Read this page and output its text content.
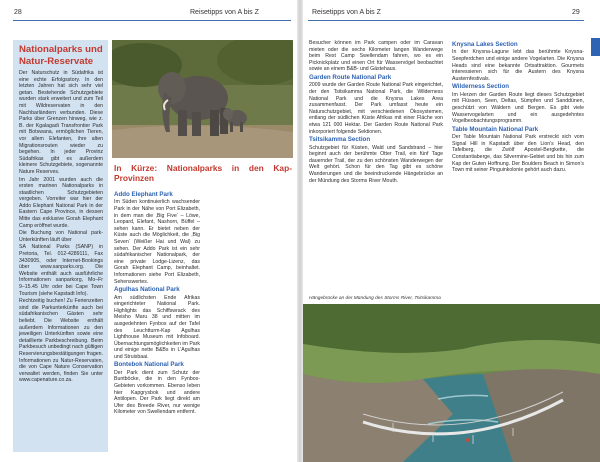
28	Reisetipps von A bis Z
Nationalparks und Natur-Reservate

Der Naturschutz in Südafrika ist eine echte Erfolgsstory. In den letzten Jahren hat sich sehr viel getan. Bestehende Schutzgebiete wurden stark erweitert und zum Teil mit Wildreservaten in den Nachbarländern verbunden. Diese Parks über Grenzen hinweg, wie z. B. der Kgalagadi Transfrontier Park mit Botswana, ermöglichen Tieren, vor allem Elefanten, ihre alten Migrationsrouten wieder zu begehen. In jeder Provinz Südafrikas gibt es außerdem kleinere Schutzgebiete, sogenannte Nature Reserves.

Im Jahr 2001 wurden auch die ersten marinen Nationalparks in staatlichen Schutzgebieten vergeben. Vorreiter war hier der Addo Elephant National Park in der Eastern Cape Province, in dessen Mitte das exklusive Gorah Elephant Camp eröffnet wurde.

Die Buchung von National park-Unterkünften läuft über

SA National Parks (SANP) in Pretoria, Tel. 012-4289111, Fax 3430905, oder Internet-Bookings über www.sanparks.org. Die Website enthält auch ausführliche Informationen sanparkorg, Mo–Fr 9–15.45 Uhr oder bei Cape Town Tourism (siehe Kapstadt Info).

Rechtzeitig buchen! Zu Ferienzeiten sind die Parkunterkünfte auch bei südafrikanischen Gästen sehr beliebt. Die Website enthält außerdem Informationen zu den jeweiligen Unterkünften sowie eine detaillierte Parkbeschreibung. Beim Parkbesuch unbedingt nach gültigen Reservierungsbestätigungen fragen. Informationen zu Natur-Reservaten, die von Cape Nature Conservation verwaltet werden, finden Sie unter www.capenature.co.za.

In Kürze: Nationalparks in den Kap-Provinzen
Addo Elephant Park

Im Süden kontinuierlich wachsender Park in der Nähe von Port Elizabeth, in dem man die ‚Big Five‘ – Löwe, Leopard, Elefant, Nashorn, Büffel – sehen kann. Er bietet neben der Küste auch die Möglichkeit, die ‚Big Seven‘ (Weißer Hai und Wal) zu sehen. Der Addo Park ist ein sehr südafrikanischer Nationalpark, der eine private Lodge-Lizenz, das Gorah Elephant Camp, beinhaltet. Informationen siehe Port Elizabeth, Sehenswertes.

Agulhas National Park

Am südlichsten Ende Afrikas eingerichteter National Park. Highlights das Schiffswrack des Meisho Maru 38 und mitten im ausgedehnten Fynbos auf der Tafel des Leuchtturm-Kap Agulhas Lighthouse Museum mit Infoboard. Übernachtungsmöglichkeiten im Park und einige nette B&Bs in L’Agulhas und Struisbaai.

Bontebok National Park

Der Park dient zum Schutz der Buntböcke, die in den Fynbos-Gebieten vorkommen. Ebenso leben hier Kapgrysbok und andere Antilopen. Der Park liegt direkt am Ufer des Breede River, nur wenige Kilometer von Swellendam entfernt.

Reisetipps von A bis Z	29

Besucher können im Park campen oder im Caravan mieten oder die sechs Kilometer langen Wanderwege beim Rest Camp Swellendam fahren, wo es ein Picknickplatz und einen Ort für Wasservögel beobachtet sowie an einem B&B- und Gästehaus.

Garden Route National Park

2009 wurde der Garden Route National Park eingerichtet, der den Tsitsikamma National Park, die Wilderness National Park und die Knysna Lakes Area zusammenfasst. Der Park umfasst heute ein Naturschutzgebiet, mit verschiedenen Ökosystemen, entlang der südlichen Küste Afrikas mit einer Fläche von etwa 121 000 Hektar. Der Garden Route National Park inkorporiert folgende Sektionen.

Tsitsikamma Section

Schutzgebiet für Küsten, Wald und Sandstrand – hier beginnt auch der berühmte Otter Trail, ein fünf Tage dauernder Trail, der zu den schönsten Wanderwegen der Welt gehört. Schon für den Tag gibt es schöne Wanderungen und die beeindruckende Hängebrücke an der Mündung des Storms River Mouth.

Knysna Lakes Section

In der Knysna-Lagune lebt das berühmte Knysna-Seepferdchen und einige andere Vogelarten. Die Knysna Heads sind eine bekannte Ortsattraktion. Gourmets interessieren sich für die Austern des Knysna Austernfestivals.

Wilderness Section

Im Herzen der Garden Route liegt dieses Schutzgebiet mit Flüssen, Seen, Deltas, Sümpfen und Sanddünen, geschützt von Wäldern und Bergen. Es gibt viele Wasservogelarten und ein ausgedehntes Vogelbeobachtungsprogramm.

Table Mountain National Park

Der Table Mountain National Park erstreckt sich vom Signal Hill in Kapstadt über den Lion’s Head, den Tafelberg, die Zwölf Apostel-Bergkette, die Constantiaberge, das Silvermine-Gebiet und bis hin zum Kap der Guten Hoffnung. Der Boulders Beach in Simon’s Town mit seiner Pinguinkolonie gehört auch dazu.

Hängebrücke an der Mündung des Storms River, Tsitsikamma
